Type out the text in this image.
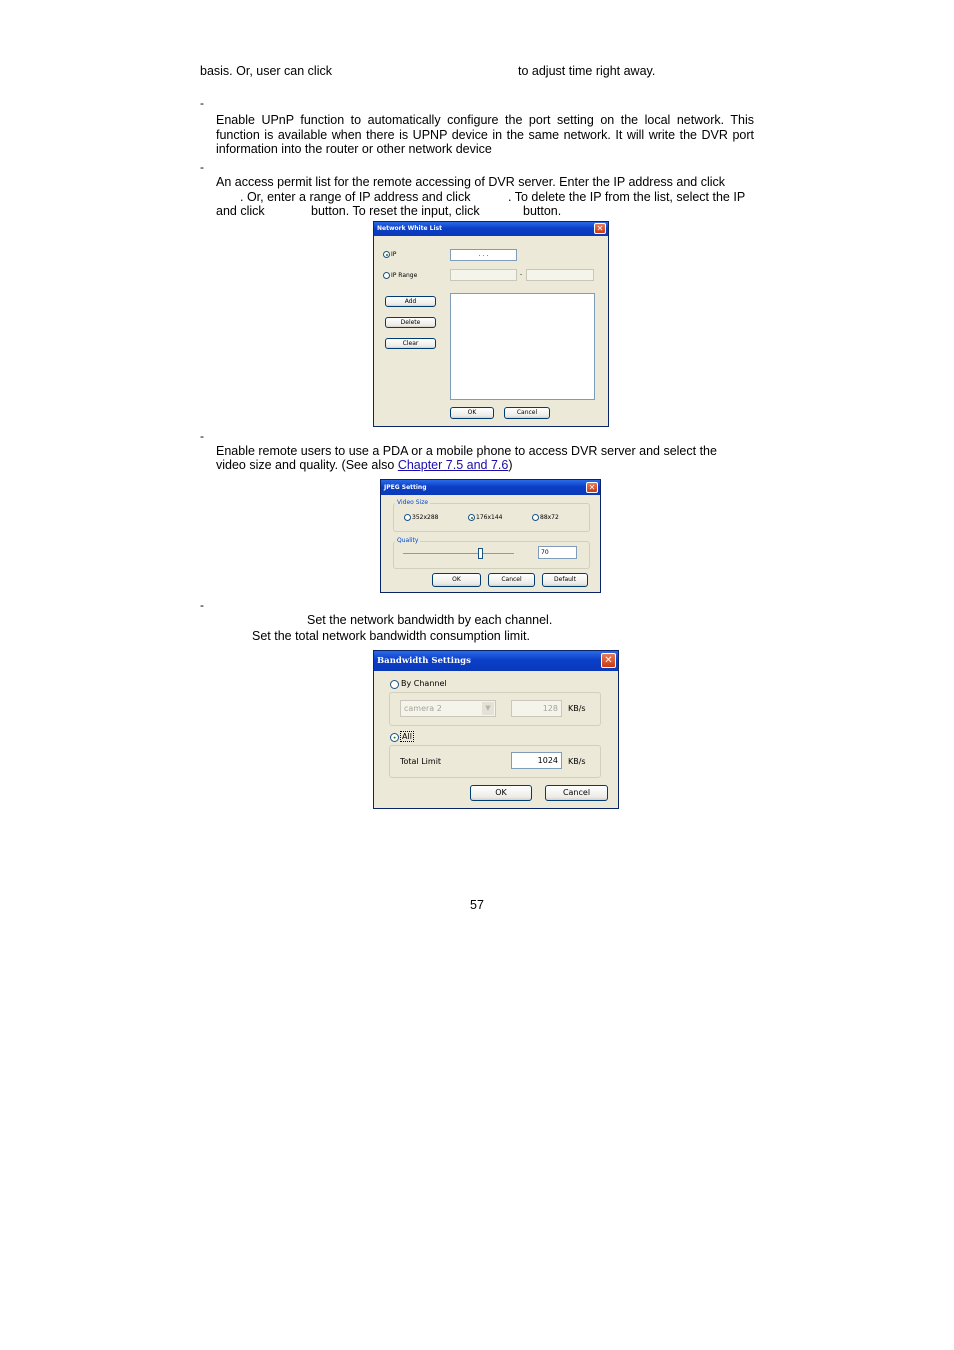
basis. Or, user can click	to adjust time right away.
-
Enable UPnP function to automatically configure the port setting on the local network. This
function is available when there is UPNP device in the same network. It will write the DVR port
information into the router or other network device
-
An access permit list for the remote accessing of DVR server. Enter the IP address and click
. Or, enter a range of IP address and click	. To delete the IP from the list, select the IP
and click	button. To reset the input, click	button.
Network White List	✕
IP	. . .
IP Range	-
Add
Delete
Clear
OK	Cancel
-
Enable remote users to use a PDA or a mobile phone to access DVR server and select the
video size and quality. (See also Chapter 7.5 and 7.6)
JPEG Setting	✕
Video Size
352x288	176x144	88x72
Quality
70
OK	Cancel	Default
-
Set the network bandwidth by each channel.
Set the total network bandwidth consumption limit.
Bandwidth Settings	✕
By Channel
camera 2	▼	128	KB/s
All
Total Limit	1024	KB/s
OK	Cancel
57
